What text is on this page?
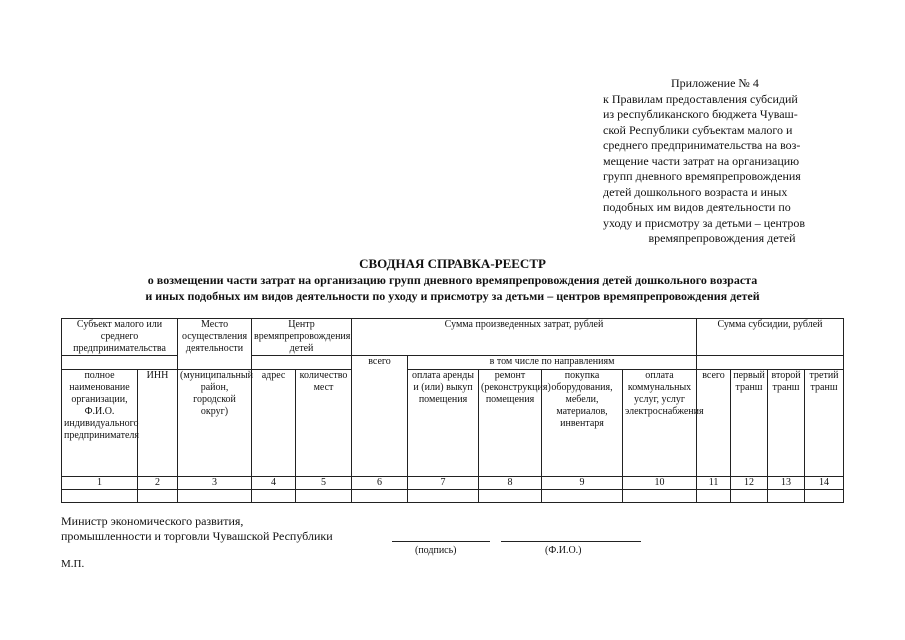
Приложение № 4
к Правилам предоставления субсидий
из республиканского бюджета Чуваш-
ской Республики субъектам малого и
среднего предпринимательства на воз-
мещение части затрат на организацию
групп дневного времяпрепровождения
детей дошкольного возраста и иных
подобных им видов деятельности по
уходу и присмотру за детьми – центров
времяпрепровождения детей
СВОДНАЯ СПРАВКА-РЕЕСТР
о возмещении части затрат на организацию групп дневного времяпрепровождения детей дошкольного возраста
и иных подобных им видов деятельности по уходу и присмотру за детьми – центров времяпрепровождения детей
Субъект малого или среднего предпринимательства		Место осуществления деятельности	Центр времяпрепровождения детей		Сумма произведенных затрат, рублей					Сумма субсидии, рублей			
					всего	в том числе по направлениям							
полное наименование организации, Ф.И.О. индивидуального предпринимателя	ИНН	(муниципальный район, городской округ)	адрес	количество мест		оплата аренды и (или) выкуп помещения	ремонт (реконструкция) помещения	покупка оборудования, мебели, материалов, инвентаря	оплата коммунальных услуг, услуг электроснабжения	всего	первый транш	второй транш	третий транш
1	2	3	4	5	6	7	8	9	10	11	12	13	14

Министр экономического развития,
промышленности и торговли Чувашской Республики
(подпись)	(Ф.И.О.)
М.П.
